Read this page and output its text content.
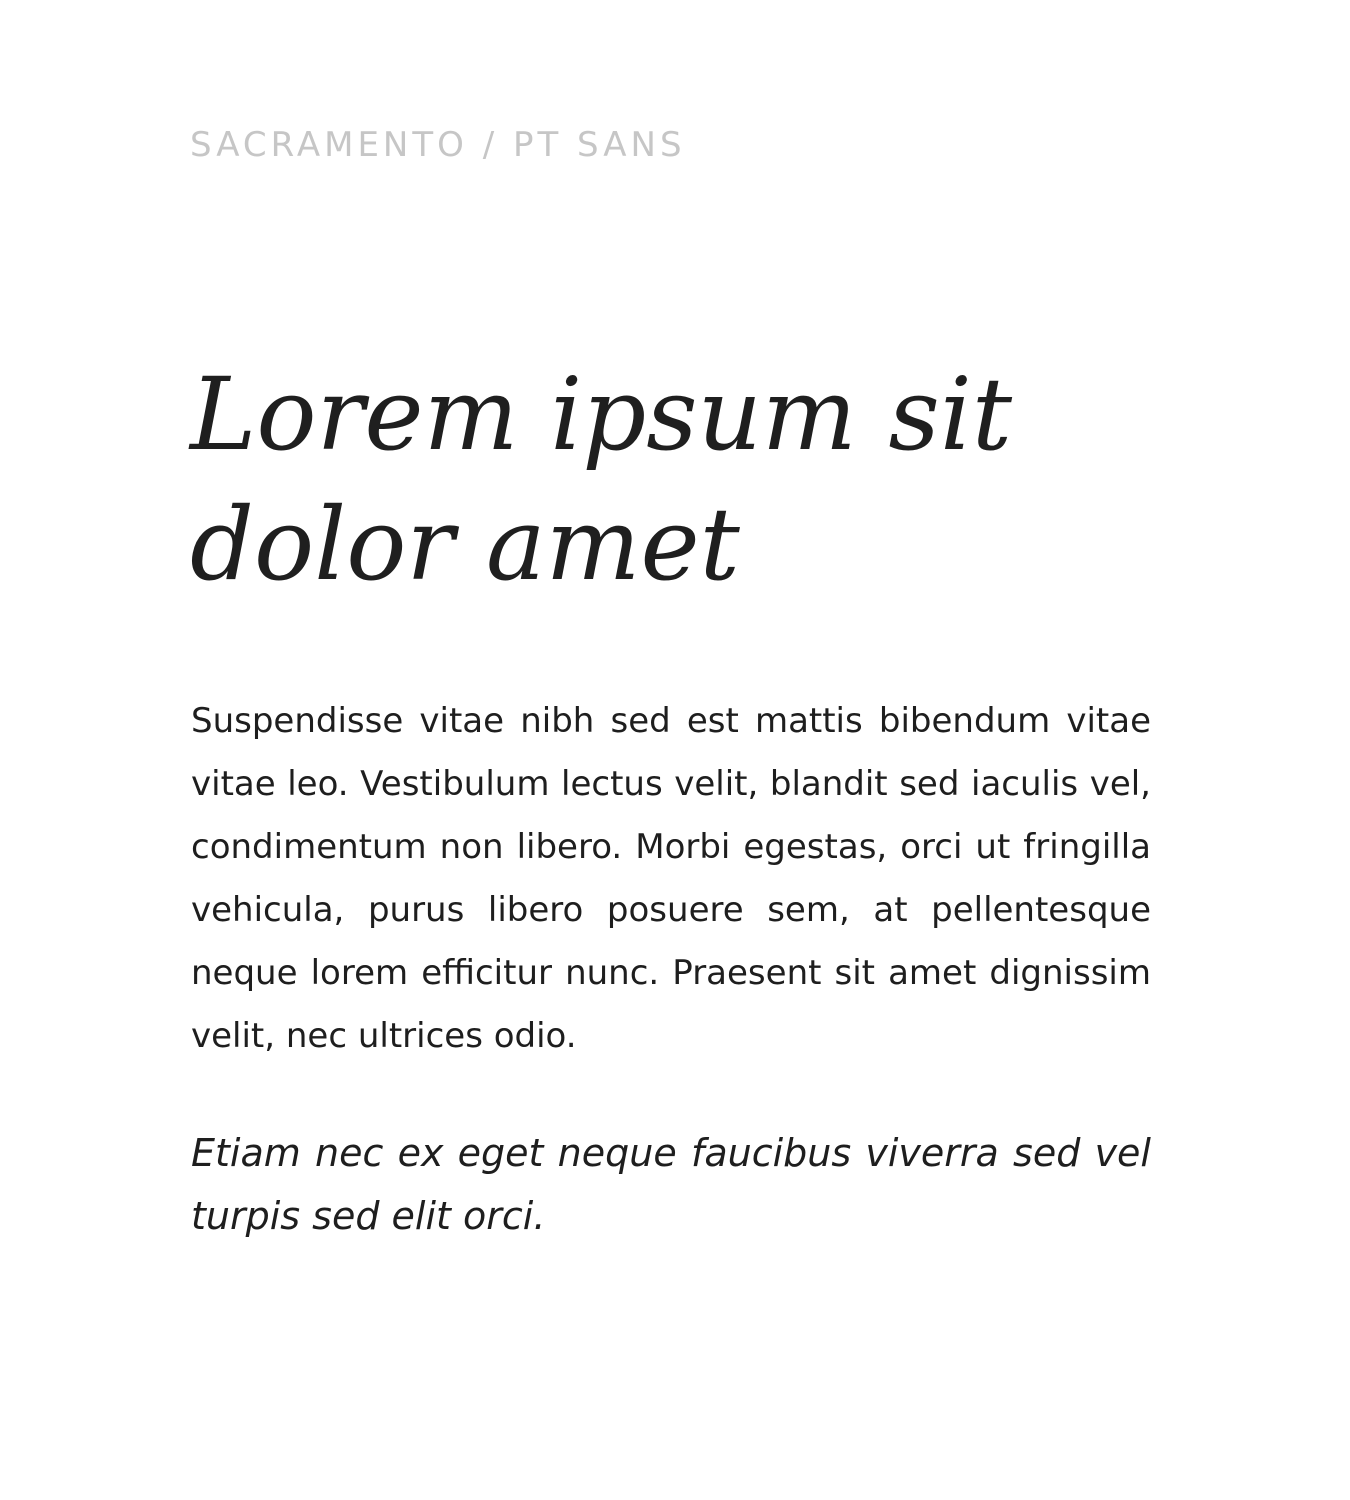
SACRAMENTO / PT SANS

Lorem ipsum sit dolor amet

Suspendisse vitae nibh sed est mattis bibendum vitae vitae leo. Vestibulum lectus velit, blandit sed iaculis vel, condimentum non libero. Morbi egestas, orci ut fringilla vehicula, purus libero posuere sem, at pellentesque neque lorem efficitur nunc. Praesent sit amet dignissim velit, nec ultrices odio.

Etiam nec ex eget neque faucibus viverra sed vel turpis sed elit orci.
